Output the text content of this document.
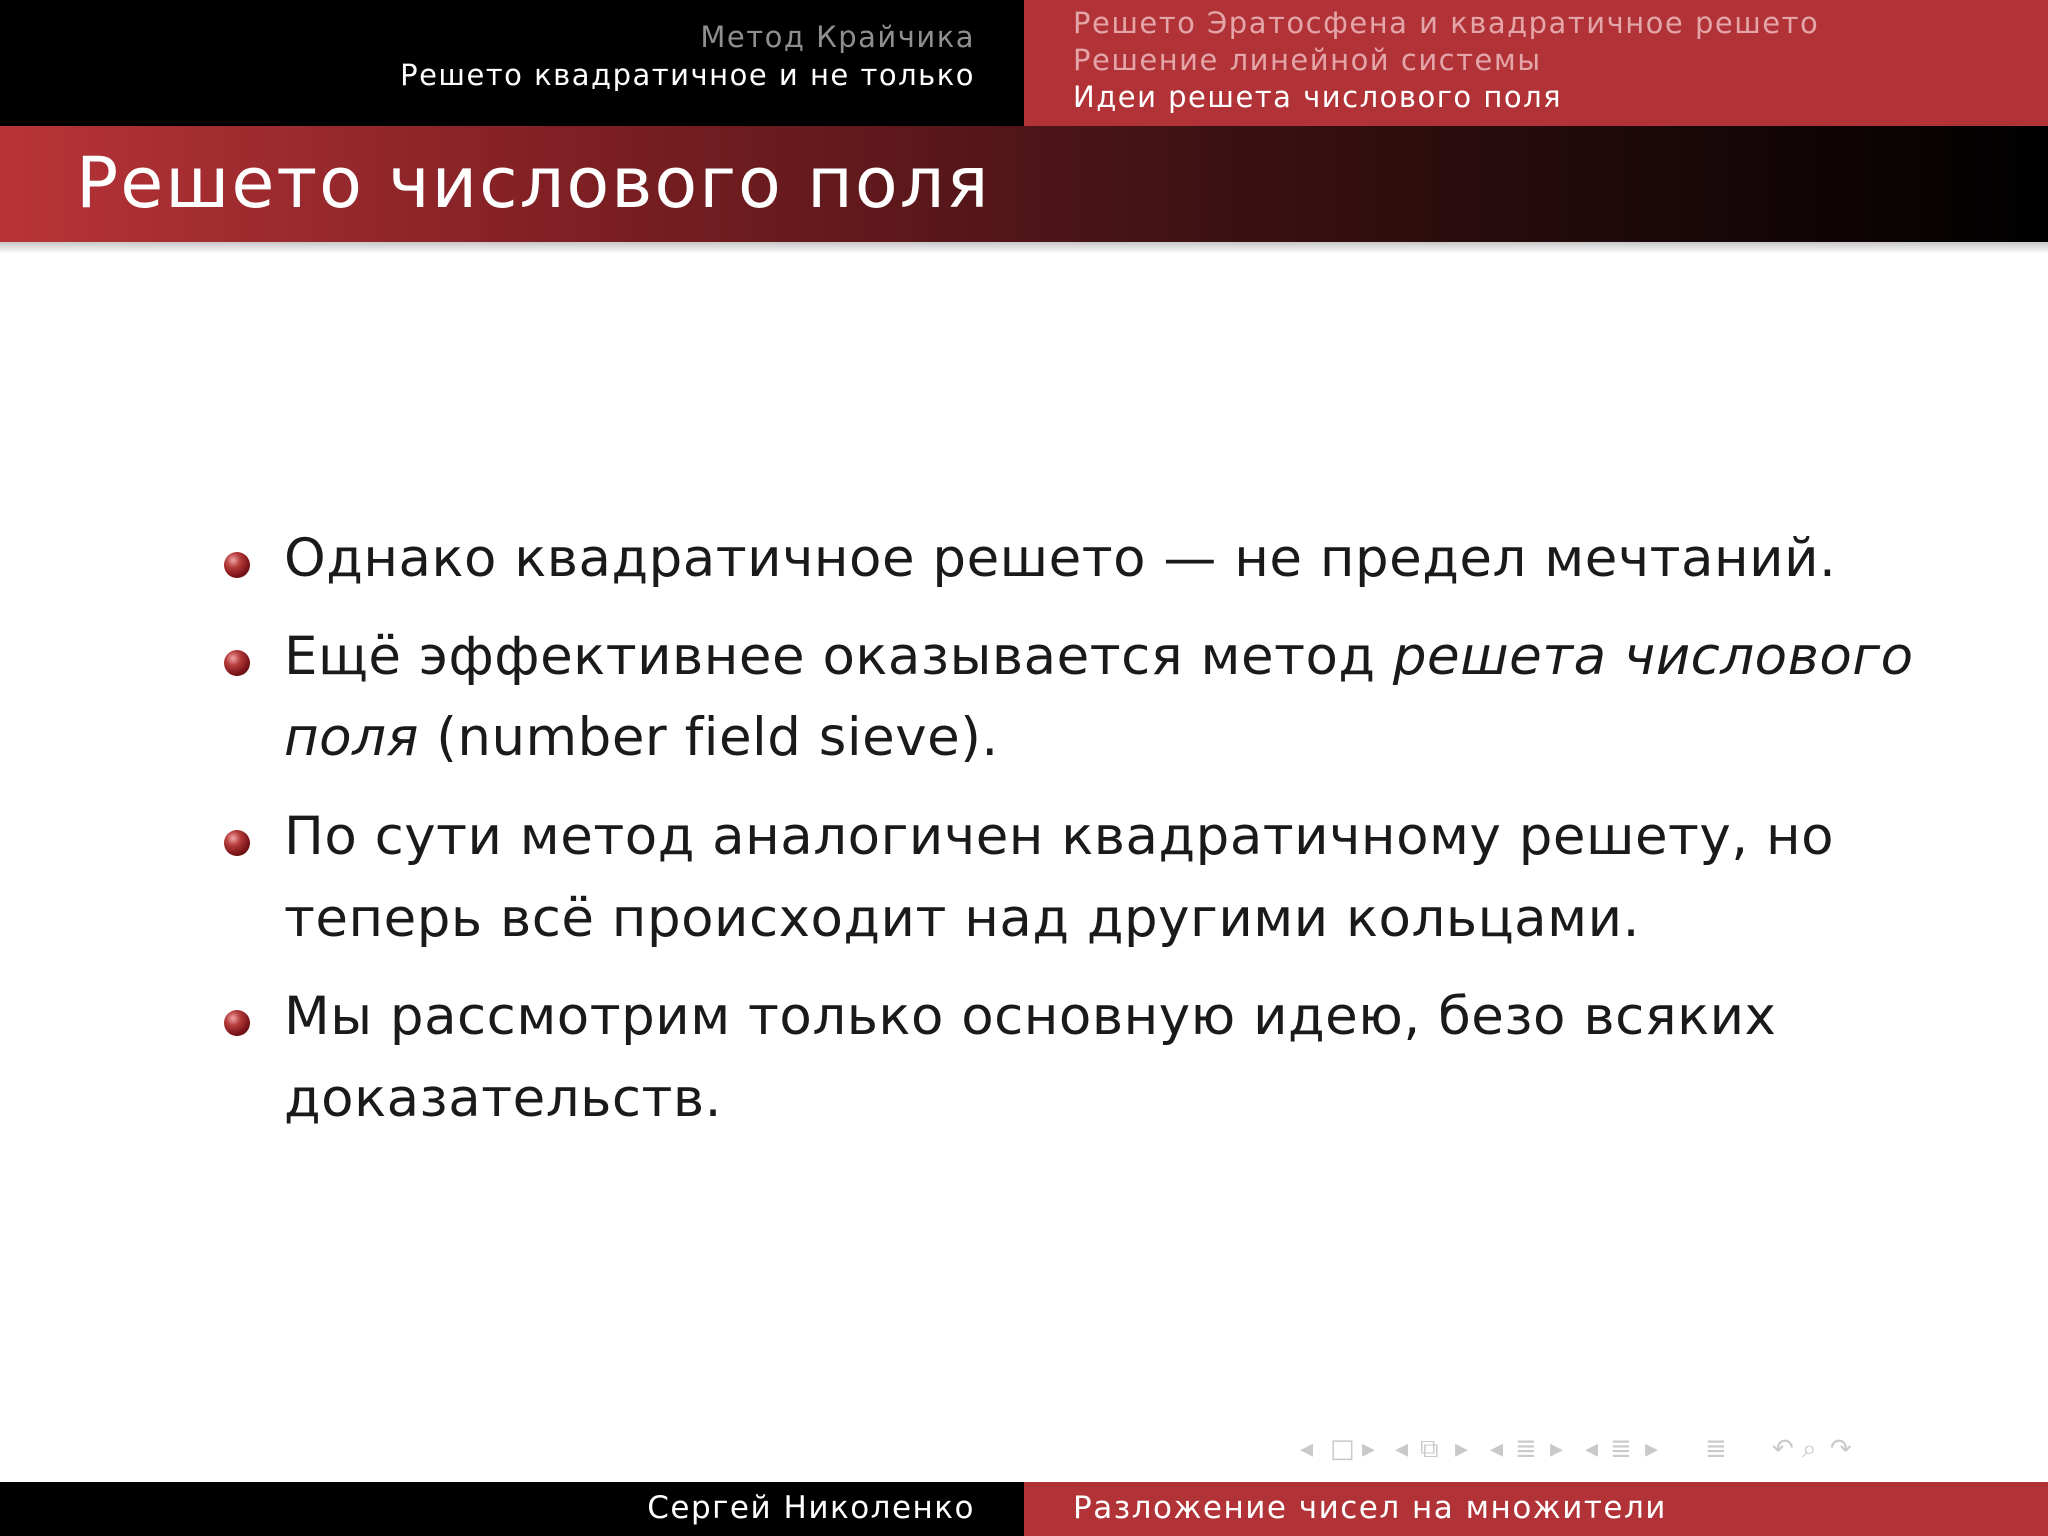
Метод Крайчика
Решето квадратичное и не только
Решето Эратосфена и квадратичное решето
Решение линейной системы
Идеи решета числового поля
Решето числового поля
Однако квадратичное решето — не предел мечтаний.
Ещё эффективнее оказывается метод решета числового
поля (number field sieve).
По сути метод аналогичен квадратичному решету, но
теперь всё происходит над другими кольцами.
Мы рассмотрим только основную идею, безо всяких
доказательств.
◂ □ ▸ ◂ ⧉ ▸ ◂ ≣ ▸ ◂ ≣ ▸ ≣ ↶ ⌕ ↷
Сергей Николенко	Разложение чисел на множители
